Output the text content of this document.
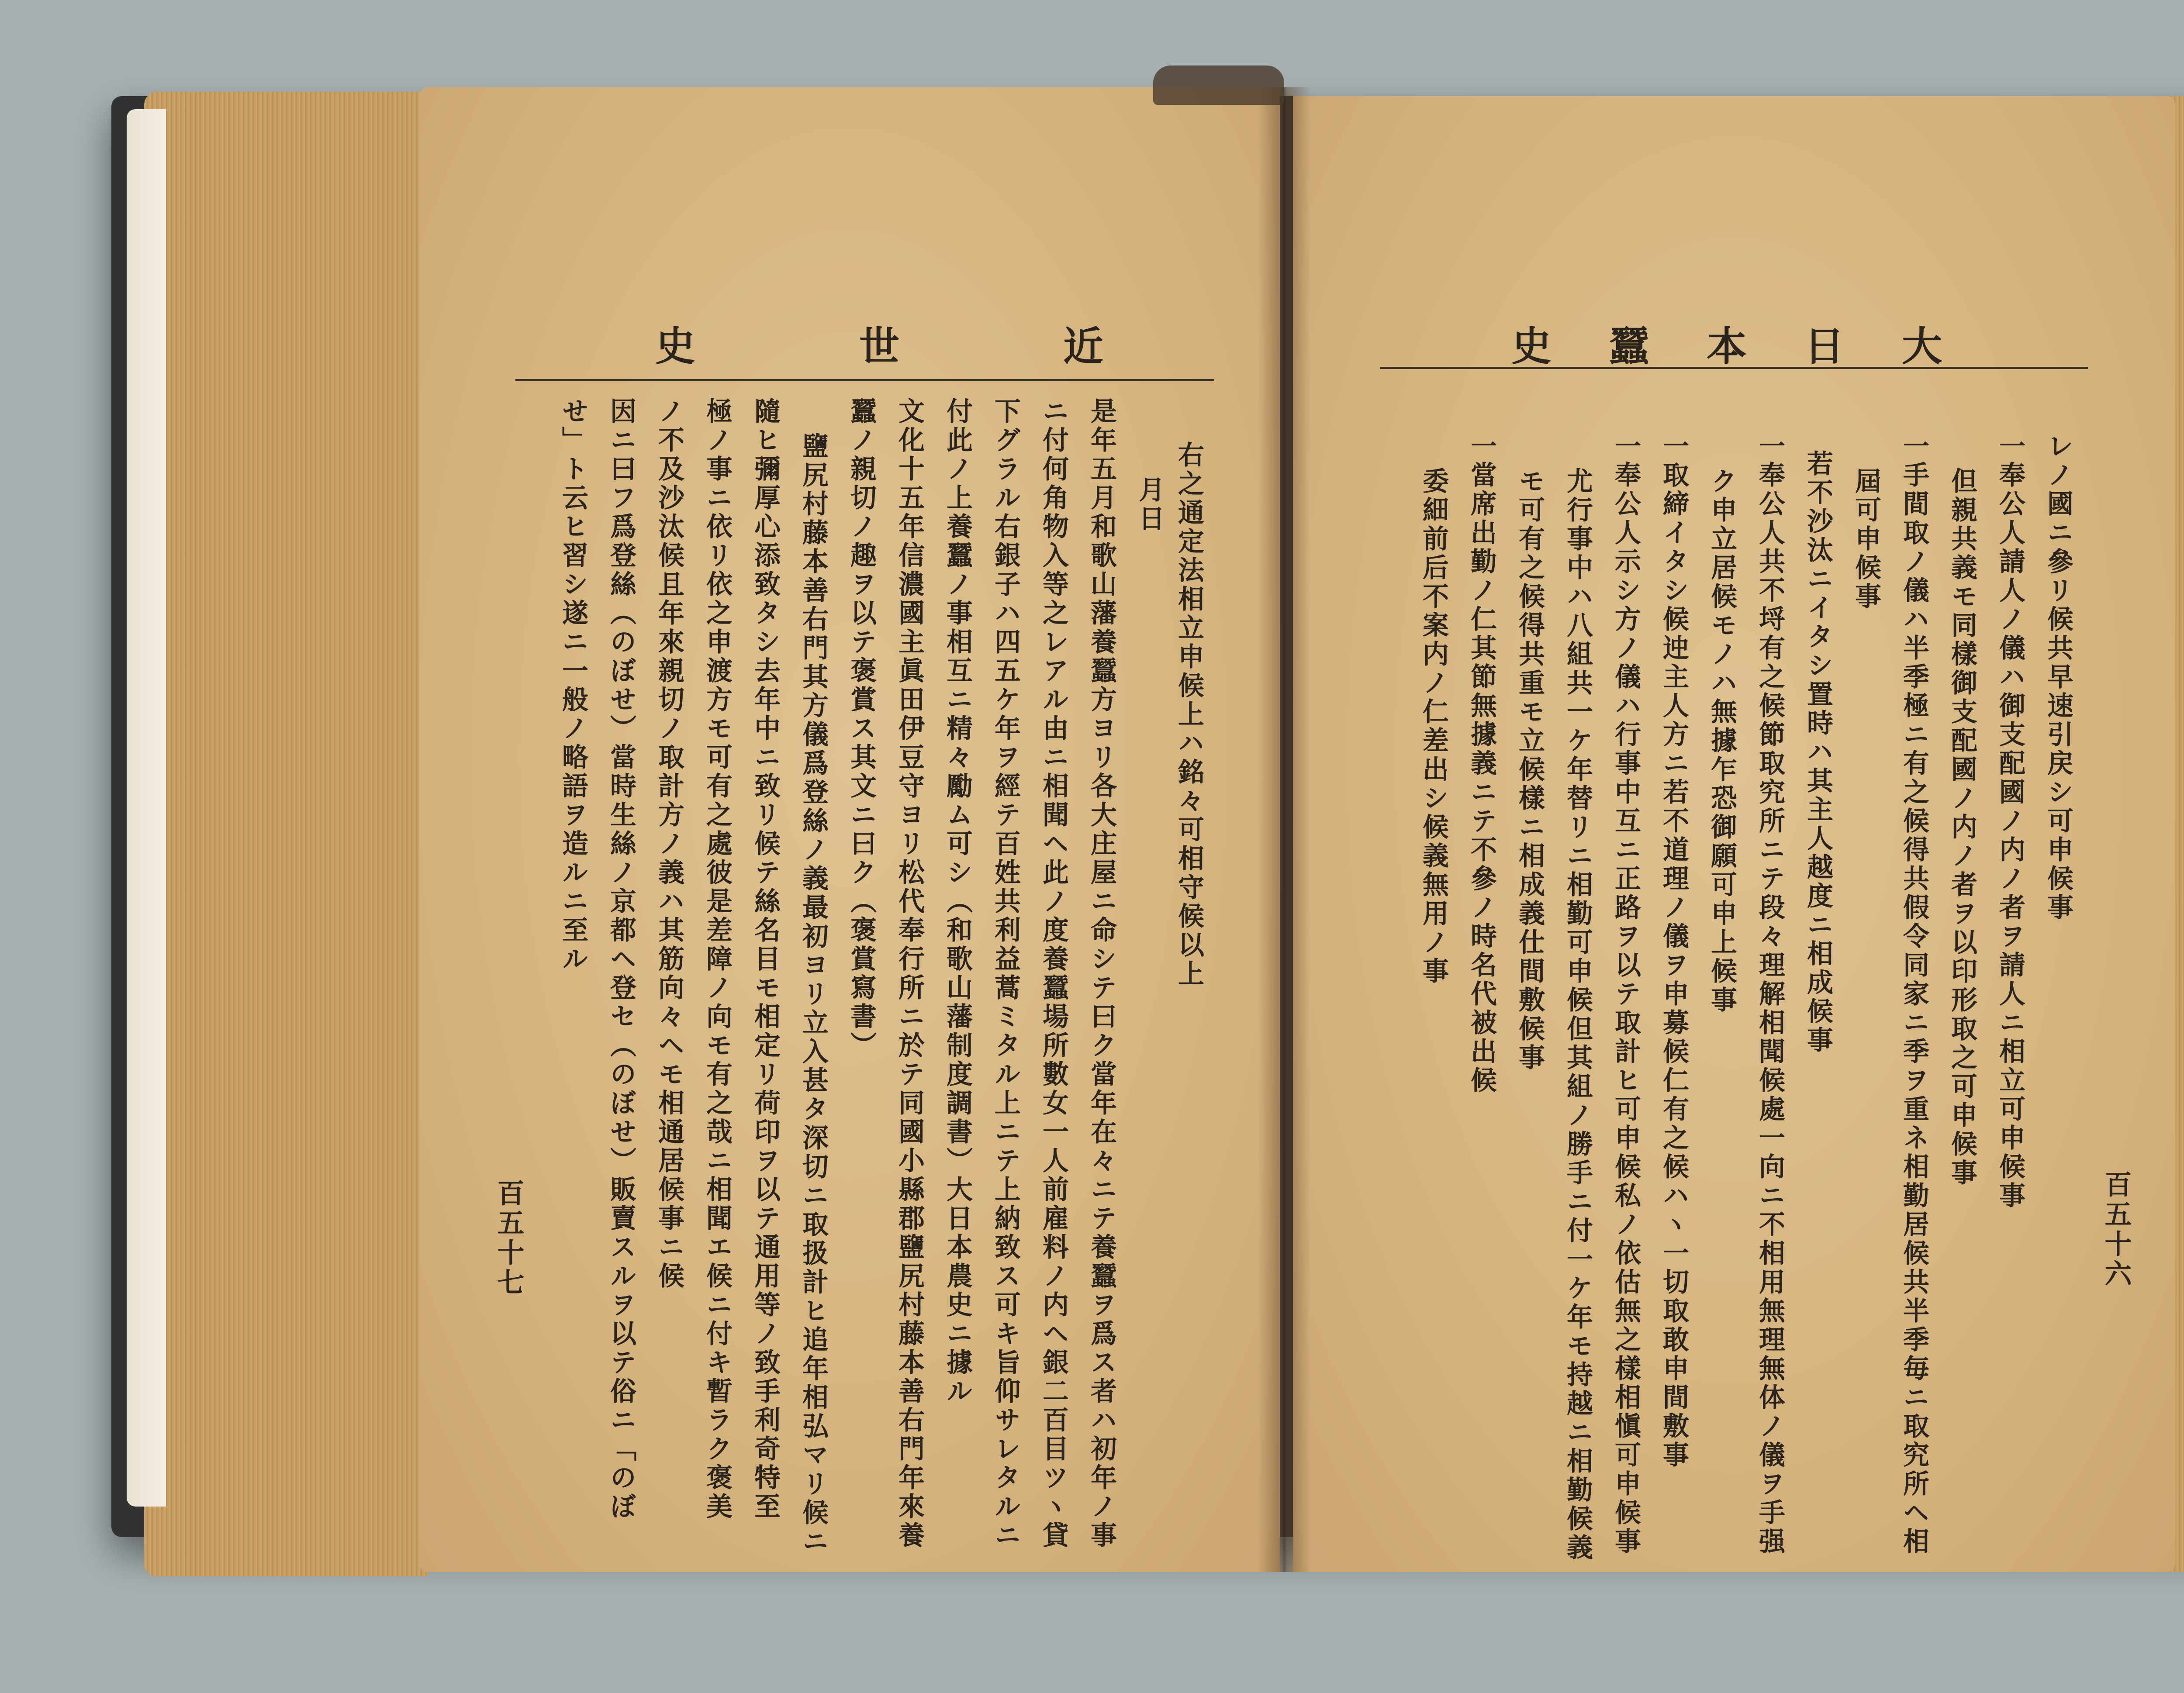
史	世	近	史 蠶 本 日 大
右之通定法相立申候上ハ銘々可相守候以上
月日
是年五月和歌山藩養蠶方ヨリ各大庄屋ニ命シテ曰ク當年在々ニテ養蠶ヲ爲ス者ハ初年ノ事
ニ付何角物入等之レアル由ニ相聞ヘ此ノ度養蠶場所數女一人前雇料ノ内ヘ銀二百目ツヽ貸
下グラル右銀子ハ四五ケ年ヲ經テ百姓共利益蒿ミタル上ニテ上納致ス可キ旨仰サレタルニ
付此ノ上養蠶ノ事相互ニ精々勵ム可シ（和歌山藩制度調書）大日本農史ニ據ル
文化十五年信濃國主眞田伊豆守ヨリ松代奉行所ニ於テ同國小縣郡鹽尻村藤本善右門年來養
蠶ノ親切ノ趣ヲ以テ褒賞ス其文ニ曰ク（褒賞寫書）
鹽尻村藤本善右門其方儀爲登絲ノ義最初ヨリ立入甚タ深切ニ取扱計ヒ追年相弘マリ候ニ
隨ヒ彌厚心添致タシ去年中ニ致リ候テ絲名目モ相定リ荷印ヲ以テ通用等ノ致手利奇特至
極ノ事ニ依リ依之申渡方モ可有之處彼是差障ノ向モ有之哉ニ相聞エ候ニ付キ暫ラク褒美
ノ不及沙汰候且年來親切ノ取計方ノ義ハ其筋向々ヘモ相通居候事ニ候
因ニ曰フ爲登絲（のぼせ）當時生絲ノ京都ヘ登セ（のぼせ）販賣スルヲ以テ俗ニ「のぼ
せ」ト云ヒ習シ遂ニ一般ノ略語ヲ造ルニ至ル
百五十七
レノ國ニ參リ候共早速引戻シ可申候事
一奉公人請人ノ儀ハ御支配國ノ内ノ者ヲ請人ニ相立可申候事
但親共義モ同樣御支配國ノ内ノ者ヲ以印形取之可申候事
一手間取ノ儀ハ半季極ニ有之候得共假令同家ニ季ヲ重ネ相勤居候共半季毎ニ取究所ヘ相
屆可申候事
若不沙汰ニイタシ置時ハ其主人越度ニ相成候事
一奉公人共不埒有之候節取究所ニテ段々理解相聞候處一向ニ不相用無理無体ノ儀ヲ手强
ク申立居候モノハ無據乍恐御願可申上候事
一取締イタシ候迚主人方ニ若不道理ノ儀ヲ申募候仁有之候ハヽ一切取敢申間敷事
一奉公人示シ方ノ儀ハ行事中互ニ正路ヲ以テ取計ヒ可申候私ノ依估無之樣相愼可申候事
尤行事中ハ八組共一ケ年替リニ相勤可申候但其組ノ勝手ニ付一ケ年モ持越ニ相勤候義
モ可有之候得共重モ立候樣ニ相成義仕間敷候事
一當席出勤ノ仁其節無據義ニテ不參ノ時名代被出候
委細前后不案内ノ仁差出シ候義無用ノ事
百五十六
